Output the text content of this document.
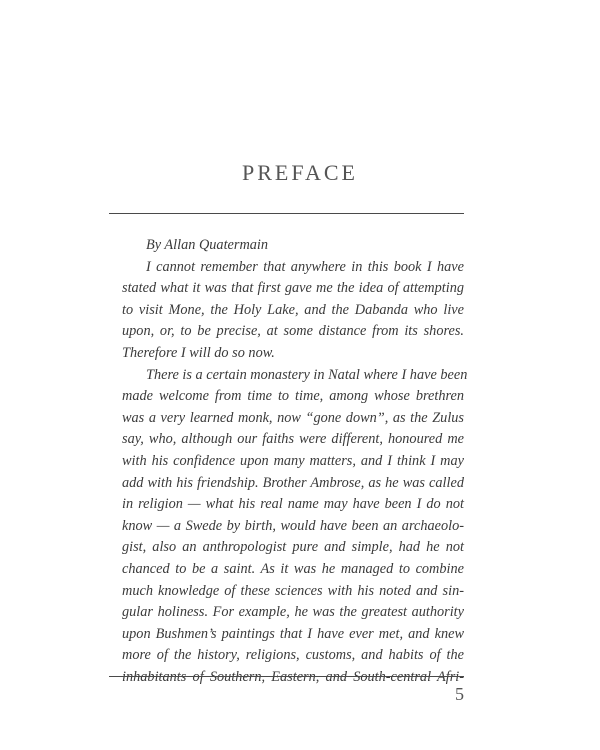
PREFACE
By Allan Quatermain
I cannot remember that anywhere in this book I have
stated what it was that first gave me the idea of attempting
to visit Mone, the Holy Lake, and the Dabanda who live
upon, or, to be precise, at some distance from its shores.
Therefore I will do so now.
There is a certain monastery in Natal where I have been
made welcome from time to time, among whose brethren
was a very learned monk, now “gone down”, as the Zulus
say, who, although our faiths were different, honoured me
with his confidence upon many matters, and I think I may
add with his friendship. Brother Ambrose, as he was called
in religion — what his real name may have been I do not
know — a Swede by birth, would have been an archaeolo-
gist, also an anthropologist pure and simple, had he not
chanced to be a saint. As it was he managed to combine
much knowledge of these sciences with his noted and sin-
gular holiness. For example, he was the greatest authority
upon Bushmen’s paintings that I have ever met, and knew
more of the history, religions, customs, and habits of the
inhabitants of Southern, Eastern, and South-central Afri-
5
